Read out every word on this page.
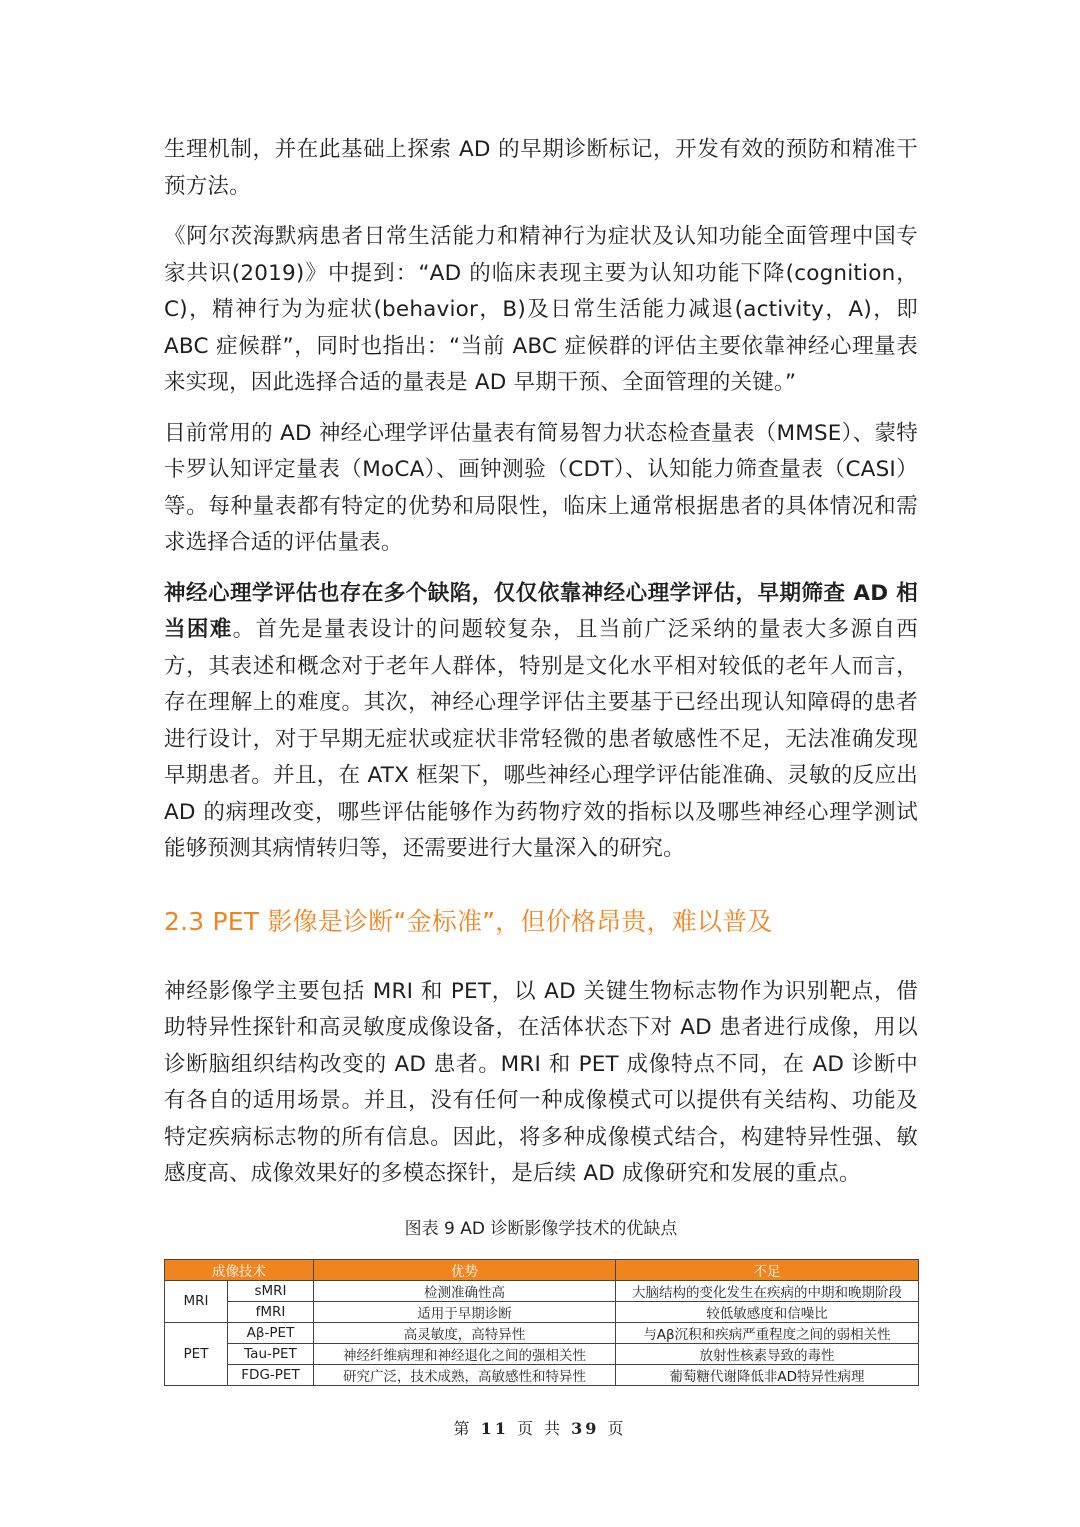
生理机制，并在此基础上探索 AD 的早期诊断标记，开发有效的预防和精准干预方法。

《阿尔茨海默病患者日常生活能力和精神行为症状及认知功能全面管理中国专家共识(2019)》中提到：“AD 的临床表现主要为认知功能下降(cognition，C)，精神行为为症状(behavior，B)及日常生活能力减退(activity，A)，即 ABC 症候群”，同时也指出：“当前 ABC 症候群的评估主要依靠神经心理量表来实现，因此选择合适的量表是 AD 早期干预、全面管理的关键。”

目前常用的 AD 神经心理学评估量表有简易智力状态检查量表（MMSE）、蒙特卡罗认知评定量表（MoCA）、画钟测验（CDT）、认知能力筛查量表（CASI）等。每种量表都有特定的优势和局限性，临床上通常根据患者的具体情况和需求选择合适的评估量表。

神经心理学评估也存在多个缺陷，仅仅依靠神经心理学评估，早期筛查 AD 相当困难。首先是量表设计的问题较复杂，且当前广泛采纳的量表大多源自西方，其表述和概念对于老年人群体，特别是文化水平相对较低的老年人而言，存在理解上的难度。其次，神经心理学评估主要基于已经出现认知障碍的患者进行设计，对于早期无症状或症状非常轻微的患者敏感性不足，无法准确发现早期患者。并且，在 ATX 框架下，哪些神经心理学评估能准确、灵敏的反应出 AD 的病理改变，哪些评估能够作为药物疗效的指标以及哪些神经心理学测试能够预测其病情转归等，还需要进行大量深入的研究。

2.3 PET 影像是诊断“金标准”，但价格昂贵，难以普及

神经影像学主要包括 MRI 和 PET，以 AD 关键生物标志物作为识别靶点，借助特异性探针和高灵敏度成像设备，在活体状态下对 AD 患者进行成像，用以诊断脑组织结构改变的 AD 患者。MRI 和 PET 成像特点不同，在 AD 诊断中有各自的适用场景。并且，没有任何一种成像模式可以提供有关结构、功能及特定疾病标志物的所有信息。因此，将多种成像模式结合，构建特异性强、敏感度高、成像效果好的多模态探针，是后续 AD 成像研究和发展的重点。

图表 9 AD 诊断影像学技术的优缺点
成像技术		优势	不足
MRI	sMRI	检测准确性高	大脑结构的变化发生在疾病的中期和晚期阶段
	fMRI	适用于早期诊断	较低敏感度和信噪比
PET	Aβ-PET	高灵敏度，高特异性	与Aβ沉积和疾病严重程度之间的弱相关性
	Tau-PET	神经纤维病理和神经退化之间的强相关性	放射性核素导致的毒性
	FDG-PET	研究广泛，技术成熟，高敏感性和特异性	葡萄糖代谢降低非AD特异性病理
第 11 页 共 39 页
